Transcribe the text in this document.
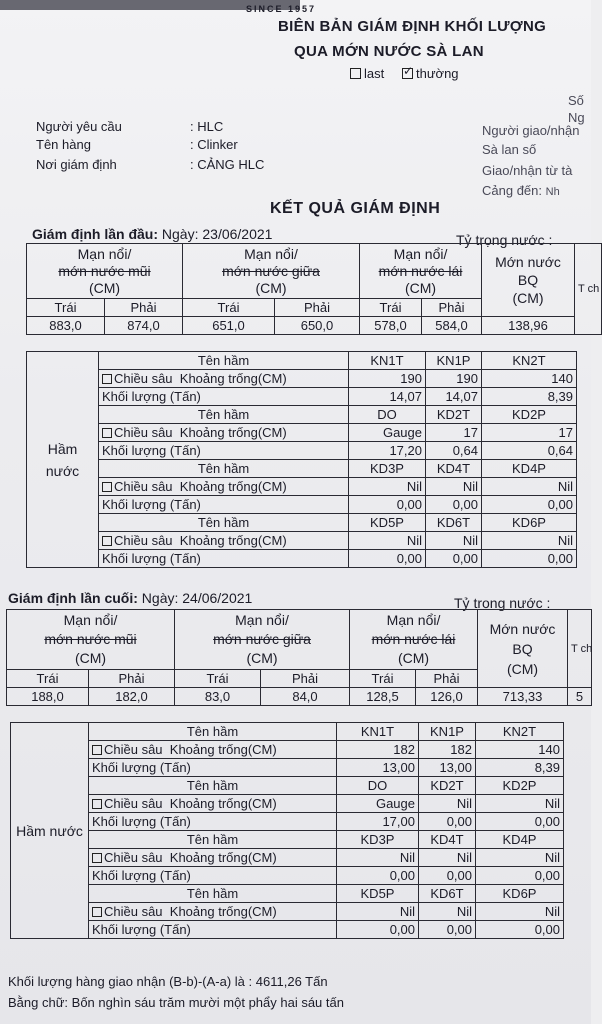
SINCE 1957
BIÊN BẢN GIÁM ĐỊNH KHỐI LƯỢNG
QUA MỚN NƯỚC SÀ LAN
last ✓	thường
Số
Ng
Người giao/nhận
Sà lan số
Giao/nhận từ tà
Cảng đến: Nh
Người yêu cầu	: HLC
Tên hàng	: Clinker
Nơi giám định	: CẢNG HLC
KẾT QUẢ GIÁM ĐỊNH
Giám định lần đầu: Ngày: 23/06/2021	Tỷ trọng nước :
Mạn nổi/
mớn nước mũi
(CM)		Mạn nổi/
mớn nước giữa
(CM)		Mạn nổi/
mớn nước lái
(CM)		Mớn nước
BQ
(CM)	T ch
Trái	Phải	Trái	Phải	Trái	Phải		
883,0	874,0	651,0	650,0	578,0	584,0	138,96	
Hầm nước	Tên hầm	KN1T	KN1P	KN2T
	Chiều sâu Khoảng trống(CM)	190	190	140
	Khối lượng (Tấn)	14,07	14,07	8,39
	Tên hầm	DO	KD2T	KD2P
	Chiều sâu Khoảng trống(CM)	Gauge	17	17
	Khối lượng (Tấn)	17,20	0,64	0,64
	Tên hầm	KD3P	KD4T	KD4P
	Chiều sâu Khoảng trống(CM)	Nil	Nil	Nil
	Khối lượng (Tấn)	0,00	0,00	0,00
	Tên hầm	KD5P	KD6T	KD6P
	Chiều sâu Khoảng trống(CM)	Nil	Nil	Nil
	Khối lượng (Tấn)	0,00	0,00	0,00
Giám định lần cuối: Ngày: 24/06/2021	Tỷ trọng nước :
Mạn nổi/
mớn nước mũi
(CM)		Mạn nổi/
mớn nước giữa
(CM)		Mạn nổi/
mớn nước lái
(CM)		Mớn nước
BQ
(CM)	T ch
Trái	Phải	Trái	Phải	Trái	Phải		
188,0	182,0	83,0	84,0	128,5	126,0	713,33	5
Hầm nước	Tên hầm	KN1T	KN1P	KN2T
	Chiều sâu Khoảng trống(CM)	182	182	140
	Khối lượng (Tấn)	13,00	13,00	8,39
	Tên hầm	DO	KD2T	KD2P
	Chiều sâu Khoảng trống(CM)	Gauge	Nil	Nil
	Khối lượng (Tấn)	17,00	0,00	0,00
	Tên hầm	KD3P	KD4T	KD4P
	Chiều sâu Khoảng trống(CM)	Nil	Nil	Nil
	Khối lượng (Tấn)	0,00	0,00	0,00
	Tên hầm	KD5P	KD6T	KD6P
	Chiều sâu Khoảng trống(CM)	Nil	Nil	Nil
	Khối lượng (Tấn)	0,00	0,00	0,00
Khối lượng hàng giao nhận (B-b)-(A-a) là : 4611,26 Tấn
Bằng chữ: Bốn nghìn sáu trăm mười một phẩy hai sáu tấn
